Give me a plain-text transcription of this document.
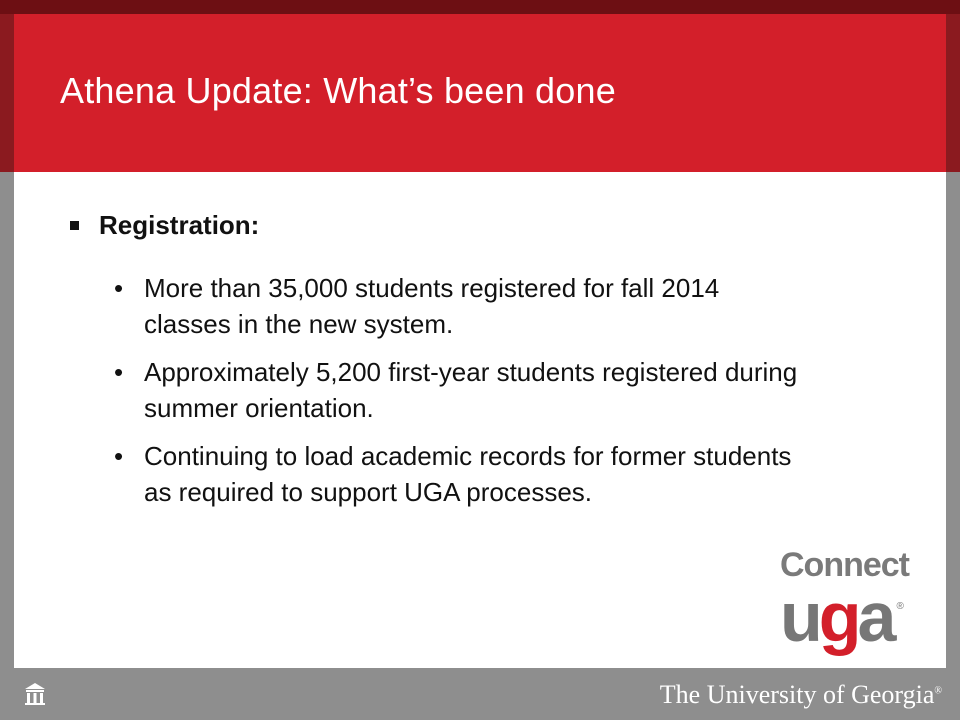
Athena Update: What’s been done
Registration:
• More than 35,000 students registered for fall 2014 classes in the new system.
• Approximately 5,200 first-year students registered during summer orientation.
• Continuing to load academic records for former students as required to support UGA processes.
Connect
u g a ®
The University of Georgia®
